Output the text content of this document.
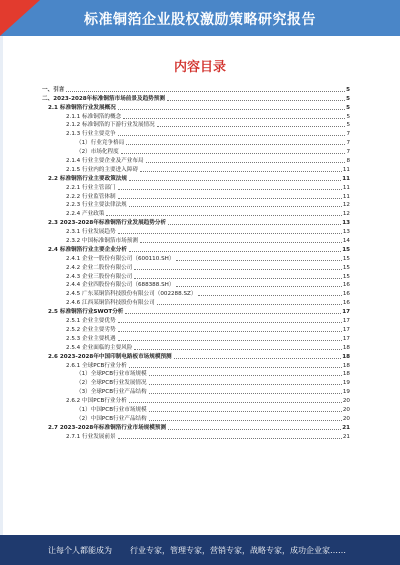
标准铜箔企业股权激励策略研究报告
内容目录
一、引言	5
二、2023-2028年标准铜箔市场前景及趋势预测	5
2.1 标准铜箔行业发展概况	5
2.1.1 标准铜箔的概念	5
2.1.2 标准铜箔的下游行业发展情况	5
2.1.3 行业主要竞争	7
（1）行业竞争格局	7
（2）市场化程度	7
2.1.4 行业主要企业及产业布局	8
2.1.5 行业内的主要进入障碍	11
2.2 标准铜箔行业主要政策法规	11
2.2.1 行业主管部门	11
2.2.2 行业监管体制	11
2.2.3 行业主要法律法规	12
2.2.4 产业政策	12
2.3 2023-2028年标准铜箔行业发展趋势分析	13
2.3.1 行业发展趋势	13
2.3.2 中国标准铜箔市场预测	14
2.4 标准铜箔行业主要企业分析	15
2.4.1 企业一股份有限公司（600110.SH）	15
2.4.2 企业二股份有限公司	15
2.4.3 企业三股份有限公司	15
2.4.4 企业四股份有限公司（688388.SH）	16
2.4.5 广东某铜箔科技股份有限公司（002288.SZ）	16
2.4.6 江西某铜箔科技股份有限公司	16
2.5 标准铜箔行业SWOT分析	17
2.5.1 企业主要优势	17
2.5.2 企业主要劣势	17
2.5.3 企业主要机遇	17
2.5.4 企业面临的主要风险	18
2.6 2023-2028年中国印制电路板市场规模预测	18
2.6.1 全球PCB行业分析	18
（1）全球PCB行业市场规模	18
（2）全球PCB行业发展情况	19
（3）全球PCB行业产品结构	19
2.6.2 中国PCB行业分析	20
（1）中国PCB行业市场规模	20
（2）中国PCB行业产品结构	20
2.7 2023-2028年标准铜箔行业市场规模预测	21
2.7.1 行业发展前景	21
让每个人都能成为 行业专家，管理专家，营销专家，战略专家，成功企业家……
